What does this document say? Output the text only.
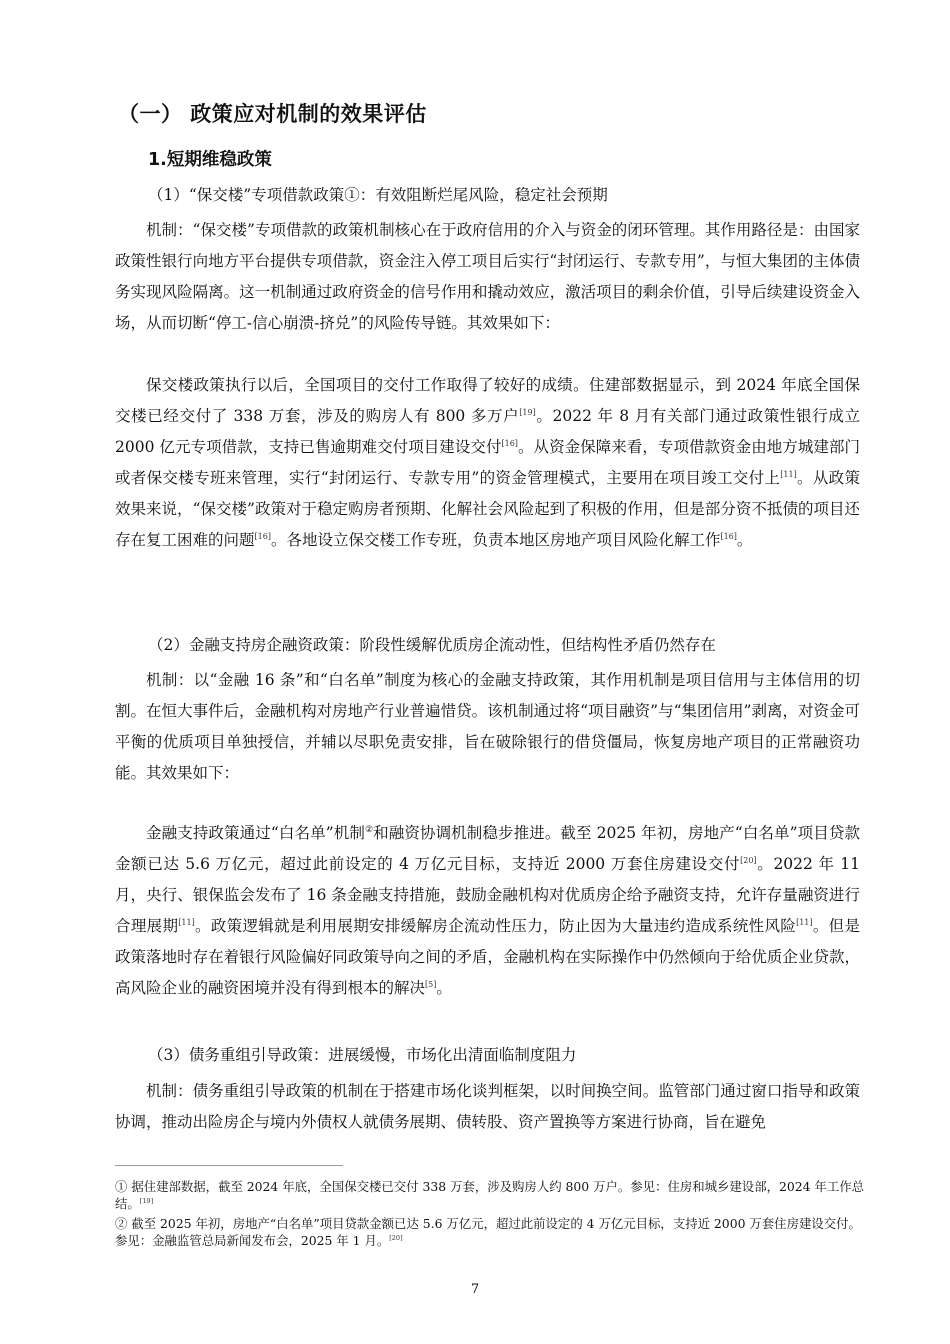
（一） 政策应对机制的效果评估
1.短期维稳政策
（1）“保交楼”专项借款政策①：有效阻断烂尾风险，稳定社会预期
机制：“保交楼”专项借款的政策机制核心在于政府信用的介入与资金的闭环管理。其作用路径是：由国家政策性银行向地方平台提供专项借款，资金注入停工项目后实行“封闭运行、专款专用”，与恒大集团的主体债务实现风险隔离。这一机制通过政府资金的信号作用和撬动效应，激活项目的剩余价值，引导后续建设资金入场，从而切断“停工-信心崩溃-挤兑”的风险传导链。其效果如下：
保交楼政策执行以后，全国项目的交付工作取得了较好的成绩。住建部数据显示，到 2024 年底全国保交楼已经交付了 338 万套，涉及的购房人有 800 多万户[19]。2022 年 8 月有关部门通过政策性银行成立 2000 亿元专项借款，支持已售逾期难交付项目建设交付[16]。从资金保障来看，专项借款资金由地方城建部门或者保交楼专班来管理，实行“封闭运行、专款专用”的资金管理模式，主要用在项目竣工交付上[11]。从政策效果来说，“保交楼”政策对于稳定购房者预期、化解社会风险起到了积极的作用，但是部分资不抵债的项目还存在复工困难的问题[16]。各地设立保交楼工作专班，负责本地区房地产项目风险化解工作[16]。
（2）金融支持房企融资政策：阶段性缓解优质房企流动性，但结构性矛盾仍然存在
机制：以“金融 16 条”和“白名单”制度为核心的金融支持政策，其作用机制是项目信用与主体信用的切割。在恒大事件后，金融机构对房地产行业普遍惜贷。该机制通过将“项目融资”与“集团信用”剥离，对资金可平衡的优质项目单独授信，并辅以尽职免责安排，旨在破除银行的借贷僵局，恢复房地产项目的正常融资功能。其效果如下：
金融支持政策通过“白名单”机制②和融资协调机制稳步推进。截至 2025 年初，房地产“白名单”项目贷款金额已达 5.6 万亿元，超过此前设定的 4 万亿元目标，支持近 2000 万套住房建设交付[20]。2022 年 11 月，央行、银保监会发布了 16 条金融支持措施，鼓励金融机构对优质房企给予融资支持，允许存量融资进行合理展期[11]。政策逻辑就是利用展期安排缓解房企流动性压力，防止因为大量违约造成系统性风险[11]。但是政策落地时存在着银行风险偏好同政策导向之间的矛盾，金融机构在实际操作中仍然倾向于给优质企业贷款，高风险企业的融资困境并没有得到根本的解决[5]。
（3）债务重组引导政策：进展缓慢，市场化出清面临制度阻力
机制：债务重组引导政策的机制在于搭建市场化谈判框架，以时间换空间。监管部门通过窗口指导和政策协调，推动出险房企与境内外债权人就债务展期、债转股、资产置换等方案进行协商，旨在避免
① 据住建部数据，截至 2024 年底，全国保交楼已交付 338 万套，涉及购房人约 800 万户。参见：住房和城乡建设部，2024 年工作总结。[19]
② 截至 2025 年初，房地产“白名单”项目贷款金额已达 5.6 万亿元，超过此前设定的 4 万亿元目标，支持近 2000 万套住房建设交付。参见：金融监管总局新闻发布会，2025 年 1 月。[20]
7
